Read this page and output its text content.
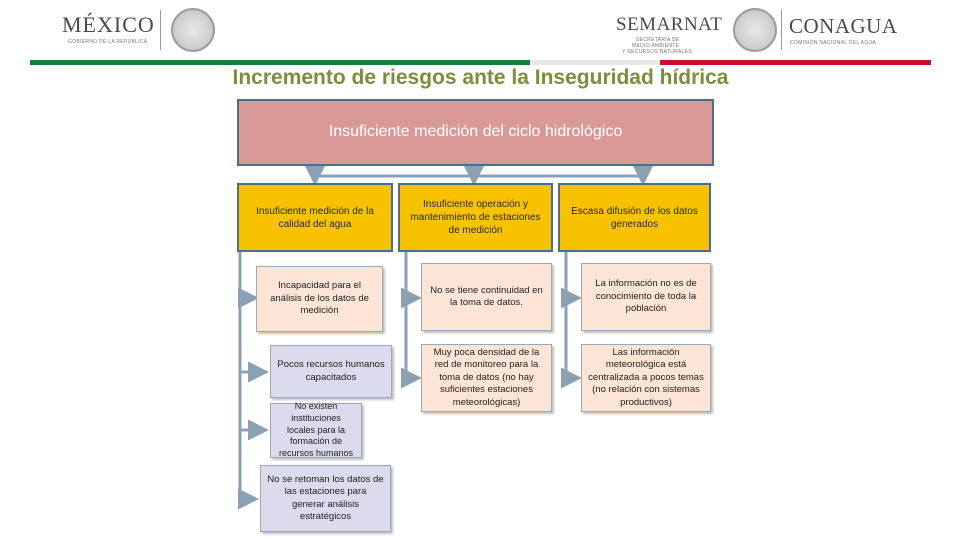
MÉXICO
GOBIERNO DE LA REPÚBLICA
SEMARNAT
SECRETARÍA DE
MEDIO AMBIENTE
Y RECURSOS NATURALES
CONAGUA
COMISIÓN NACIONAL DEL AGUA
Incremento de riesgos ante la Inseguridad hídrica
Insuficiente medición del ciclo hidrológico
Insuficiente medición de la calidad del agua
Insuficiente operación y mantenimiento de estaciones de medición
Escasa difusión de los datos generados
Incapacidad para el análisis de los datos de medición
Pocos recursos humanos capacitados
No existen instituciones locales para la formación de recursos humanos
No se retoman los datos de las estaciones para generar análisis estratégicos
No se tiene continuidad en la toma de datos.
Muy poca densidad de la red de monitoreo para la toma de datos (no hay suficientes estaciones meteorológicas)
La información no es de conocimiento de toda la población
Las información meteorológica está centralizada a pocos temas (no relación con sistemas productivos)
